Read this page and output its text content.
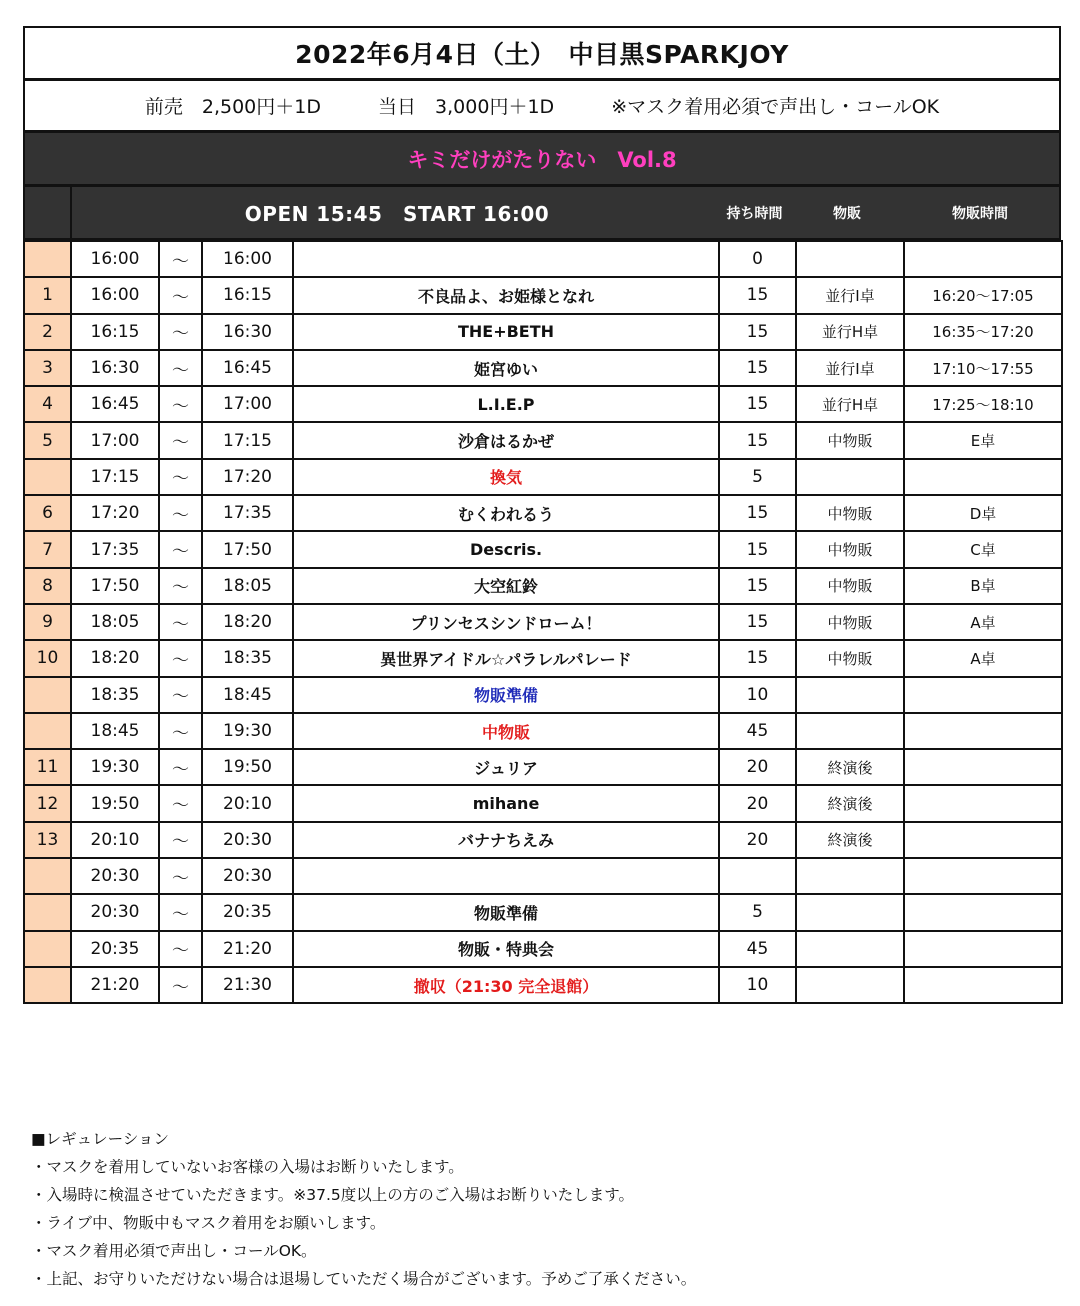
2022年6月4日（土）　中目黒SPARKJOY
前売
　 2,500円＋1D
　　　	当日
　 3,000円＋1D
　　　	※マスク着用必須で声出し・コールOK
キミだけがたりない　Vol.8
OPEN 15:45　START 16:00	持ち時間	物販	物販時間
	16:00	～	16:00		0		
1	16:00	～	16:15	不良品よ、お姫様となれ	15	並行I卓	16:20～17:05
2	16:15	～	16:30	THE+BETH	15	並行H卓	16:35～17:20
3	16:30	～	16:45	姫宮ゆい	15	並行I卓	17:10～17:55
4	16:45	～	17:00	L.I.E.P	15	並行H卓	17:25～18:10
5	17:00	～	17:15	沙倉はるかぜ	15	中物販	E卓
	17:15	～	17:20	換気	5		
6	17:20	～	17:35	むくわれるう	15	中物販	D卓
7	17:35	～	17:50	Descris.	15	中物販	C卓
8	17:50	～	18:05	大空紅鈴	15	中物販	B卓
9	18:05	～	18:20	プリンセスシンドローム！	15	中物販	A卓
10	18:20	～	18:35	異世界アイドル☆パラレルパレード	15	中物販	A卓
	18:35	～	18:45	物販準備	10		
	18:45	～	19:30	中物販	45		
11	19:30	～	19:50	ジュリア	20	終演後	
12	19:50	～	20:10	mihane	20	終演後	
13	20:10	～	20:30	バナナちえみ	20	終演後	
	20:30	～	20:30				
	20:30	～	20:35	物販準備	5		
	20:35	～	21:20	物販・特典会	45		
	21:20	～	21:30	撤収（21:30 完全退館）	10		
■レギュレーション
・マスクを着用していないお客様の入場はお断りいたします。
・入場時に検温させていただきます。※37.5度以上の方のご入場はお断りいたします。
・ライブ中、物販中もマスク着用をお願いします。
・マスク着用必須で声出し・コールOK。
・上記、お守りいただけない場合は退場していただく場合がございます。予めご了承ください。
